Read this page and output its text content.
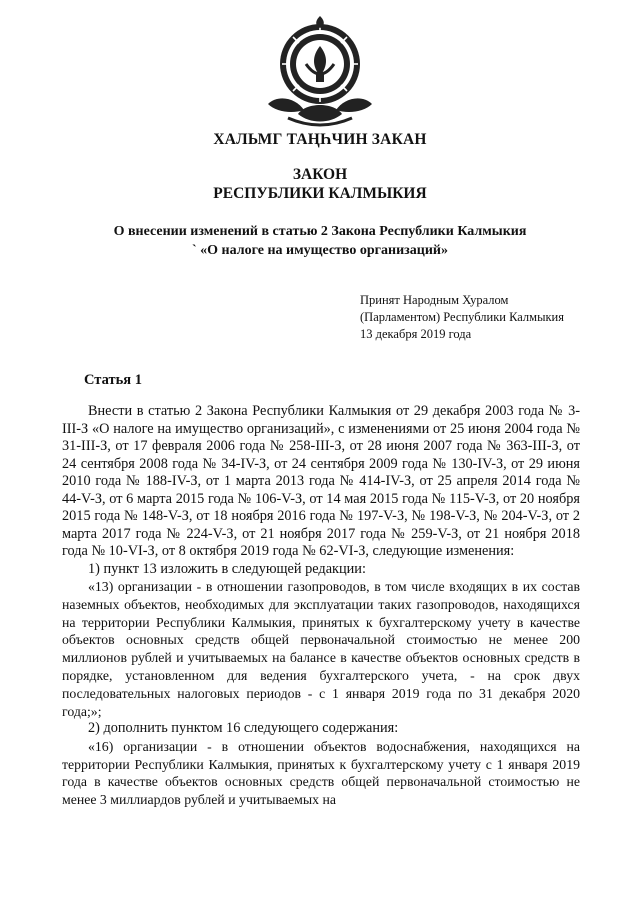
ХАЛЬМГ ТАҢҺЧИН ЗАКАН
ЗАКОН
РЕСПУБЛИКИ КАЛМЫКИЯ
О внесении изменений в статью 2 Закона Республики Калмыкия
` «О налоге на имущество организаций»
Принят Народным Хуралом
(Парламентом) Республики Калмыкия
13 декабря 2019 года
Статья 1

Внести в статью 2 Закона Республики Калмыкия от 29 декабря 2003 года № 3-III-З «О налоге на имущество организаций», с изменениями от 25 июня 2004 года № 31-III-З, от 17 февраля 2006 года № 258-III-З, от 28 июня 2007 года № 363-III-З, от 24 сентября 2008 года № 34-IV-З, от 24 сентября 2009 года № 130-IV-З, от 29 июня 2010 года № 188-IV-З, от 1 марта 2013 года № 414-IV-З, от 25 апреля 2014 года № 44-V-З, от 6 марта 2015 года № 106-V-З, от 14 мая 2015 года № 115-V-З, от 20 ноября 2015 года № 148-V-З, от 18 ноября 2016 года № 197-V-З, № 198-V-З, № 204-V-З, от 2 марта 2017 года № 224-V-З, от 21 ноября 2017 года № 259-V-З, от 21 ноября 2018 года № 10-VI-З, от 8 октября 2019 года № 62-VI-З, следующие изменения:

1) пункт 13 изложить в следующей редакции:

«13) организации - в отношении газопроводов, в том числе входящих в их состав наземных объектов, необходимых для эксплуатации таких газопроводов, находящихся на территории Республики Калмыкия, принятых к бухгалтерскому учету в качестве объектов основных средств общей первоначальной стоимостью не менее 200 миллионов рублей и учитываемых на балансе в качестве объектов основных средств в порядке, установленном для ведения бухгалтерского учета, - на срок двух последовательных налоговых периодов - с 1 января 2019 года по 31 декабря 2020 года;»;

2) дополнить пунктом 16 следующего содержания:

«16) организации - в отношении объектов водоснабжения, находящихся на территории Республики Калмыкия, принятых к бухгалтерскому учету с 1 января 2019 года в качестве объектов основных средств общей первоначальной стоимостью не менее 3 миллиардов рублей и учитываемых на
